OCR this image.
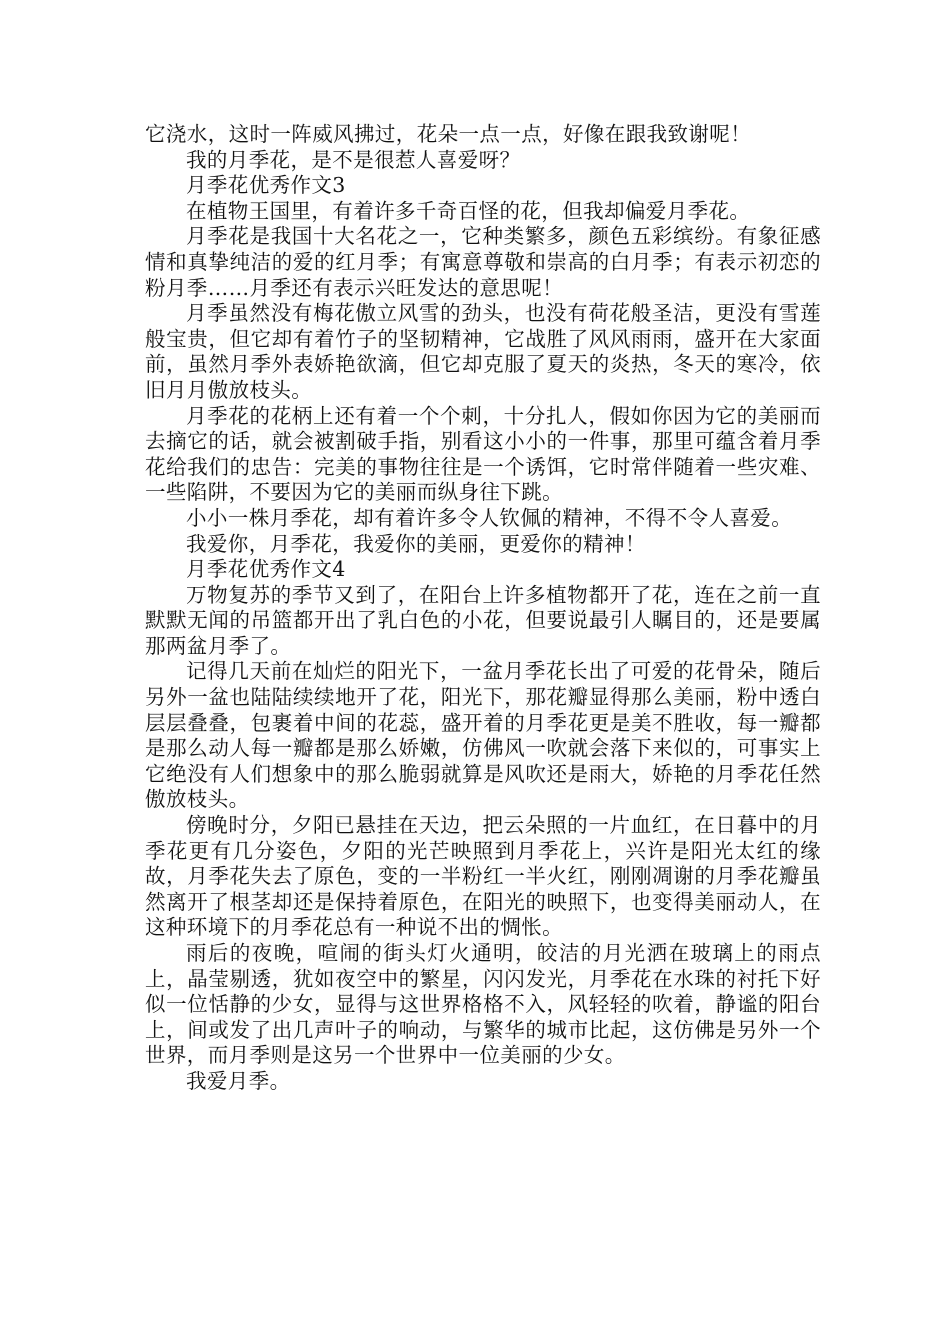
它浇水，这时一阵威风拂过，花朵一点一点，好像在跟我致谢呢！

我的月季花，是不是很惹人喜爱呀？

月季花优秀作文3

在植物王国里，有着许多千奇百怪的花，但我却偏爱月季花。

月季花是我国十大名花之一，它种类繁多，颜色五彩缤纷。有象征感情和真挚纯洁的爱的红月季；有寓意尊敬和崇高的白月季；有表示初恋的粉月季……月季还有表示兴旺发达的意思呢！

月季虽然没有梅花傲立风雪的劲头，也没有荷花般圣洁，更没有雪莲般宝贵，但它却有着竹子的坚韧精神，它战胜了风风雨雨，盛开在大家面前，虽然月季外表娇艳欲滴，但它却克服了夏天的炎热，冬天的寒冷，依旧月月傲放枝头。

月季花的花柄上还有着一个个刺，十分扎人，假如你因为它的美丽而去摘它的话，就会被割破手指，别看这小小的一件事，那里可蕴含着月季花给我们的忠告：完美的事物往往是一个诱饵，它时常伴随着一些灾难、一些陷阱，不要因为它的美丽而纵身往下跳。

小小一株月季花，却有着许多令人钦佩的精神，不得不令人喜爱。

我爱你，月季花，我爱你的美丽，更爱你的精神！

月季花优秀作文4

万物复苏的季节又到了，在阳台上许多植物都开了花，连在之前一直默默无闻的吊篮都开出了乳白色的小花，但要说最引人瞩目的，还是要属那两盆月季了。

记得几天前在灿烂的阳光下，一盆月季花长出了可爱的花骨朵，随后另外一盆也陆陆续续地开了花，阳光下，那花瓣显得那么美丽，粉中透白层层叠叠，包裹着中间的花蕊，盛开着的月季花更是美不胜收，每一瓣都是那么动人每一瓣都是那么娇嫩，仿佛风一吹就会落下来似的，可事实上它绝没有人们想象中的那么脆弱就算是风吹还是雨大，娇艳的月季花任然傲放枝头。

傍晚时分，夕阳已悬挂在天边，把云朵照的一片血红，在日暮中的月季花更有几分姿色，夕阳的光芒映照到月季花上，兴许是阳光太红的缘故，月季花失去了原色，变的一半粉红一半火红，刚刚凋谢的月季花瓣虽然离开了根茎却还是保持着原色，在阳光的映照下，也变得美丽动人，在这种环境下的月季花总有一种说不出的惆怅。

雨后的夜晚，喧闹的街头灯火通明，皎洁的月光洒在玻璃上的雨点上，晶莹剔透，犹如夜空中的繁星，闪闪发光，月季花在水珠的衬托下好似一位恬静的少女，显得与这世界格格不入，风轻轻的吹着，静谧的阳台上，间或发了出几声叶子的响动，与繁华的城市比起，这仿佛是另外一个世界，而月季则是这另一个世界中一位美丽的少女。

我爱月季。
